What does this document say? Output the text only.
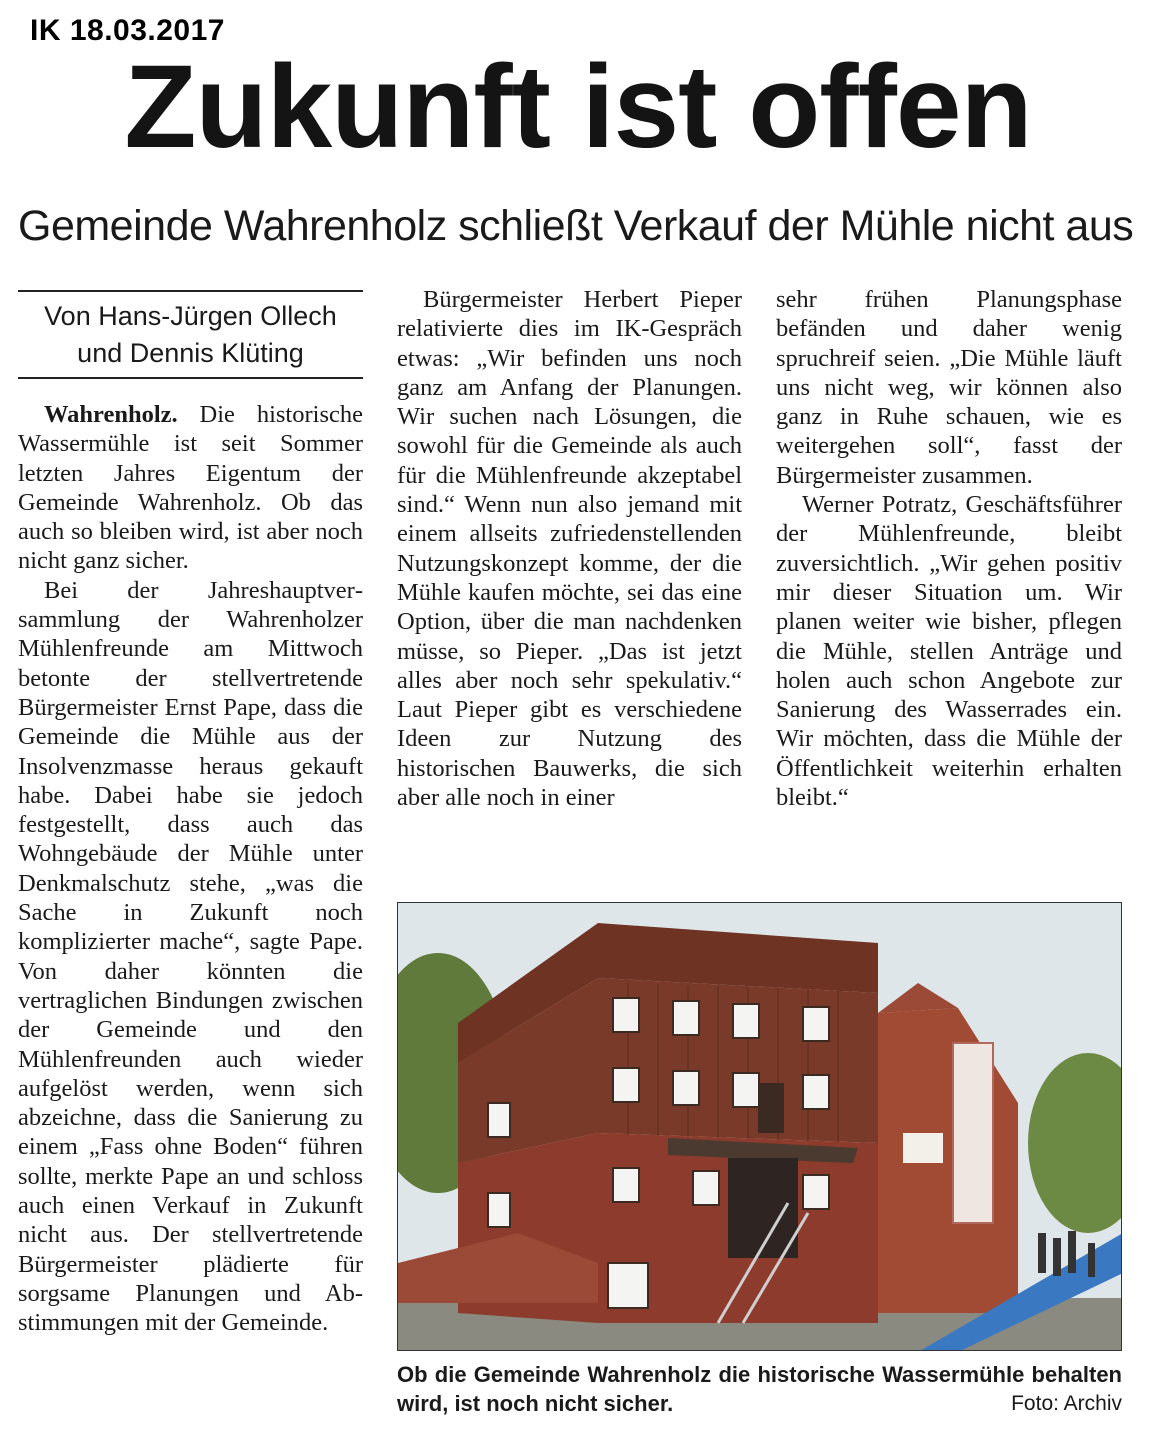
IK 18.03.2017
Zukunft ist offen
Gemeinde Wahrenholz schließt Verkauf der Mühle nicht aus
Von Hans-Jürgen Ollech
und Dennis Klüting

Wahrenholz. Die historische Wassermühle ist seit Sommer letzten Jahres Eigentum der Gemeinde Wahrenholz. Ob das auch so bleiben wird, ist aber noch nicht ganz sicher.

Bei der Jahreshauptversammlung der Wahrenholzer Mühlenfreunde am Mittwoch betonte der stellvertretende Bürgermeister Ernst Pape, dass die Gemeinde die Mühle aus der Insolvenzmasse heraus gekauft habe. Dabei habe sie jedoch festgestellt, dass auch das Wohngebäude der Mühle unter Denkmalschutz stehe, „was die Sache in Zukunft noch komplizierter mache“, sagte Pape. Von daher könnten die vertraglichen Bindungen zwischen der Gemeinde und den Mühlenfreunden auch wieder aufgelöst werden, wenn sich abzeichne, dass die Sanierung zu einem „Fass ohne Boden“ führen sollte, merkte Pape an und schloss auch einen Verkauf in Zukunft nicht aus. Der stellvertretende Bürgermeister plädierte für sorgsame Planungen und Abstimmungen mit der Gemeinde.

Bürgermeister Herbert Pieper relativierte dies im IK-Gespräch etwas: „Wir befinden uns noch ganz am Anfang der Planungen. Wir suchen nach Lösungen, die sowohl für die Gemeinde als auch für die Mühlenfreunde akzeptabel sind.“ Wenn nun also jemand mit einem allseits zufriedenstellenden Nutzungskonzept komme, der die Mühle kaufen möchte, sei das eine Option, über die man nachdenken müsse, so Pieper. „Das ist jetzt alles aber noch sehr spekulativ.“ Laut Pieper gibt es verschiedene Ideen zur Nutzung des historischen Bauwerks, die sich aber alle noch in einer

sehr frühen Planungsphase befänden und daher wenig spruchreif seien. „Die Mühle läuft uns nicht weg, wir können also ganz in Ruhe schauen, wie es weitergehen soll“, fasst der Bürgermeister zusammen.

Werner Potratz, Geschäftsführer der Mühlenfreunde, bleibt zuversichtlich. „Wir gehen positiv mir dieser Situation um. Wir planen weiter wie bisher, pflegen die Mühle, stellen Anträge und holen auch schon Angebote zur Sanierung des Wasserrades ein. Wir möchten, dass die Mühle der Öffentlichkeit weiterhin erhalten bleibt.“

Ob die Gemeinde Wahrenholz die historische Wassermühle behalten wird, ist noch nicht sicher.	Foto: Archiv
